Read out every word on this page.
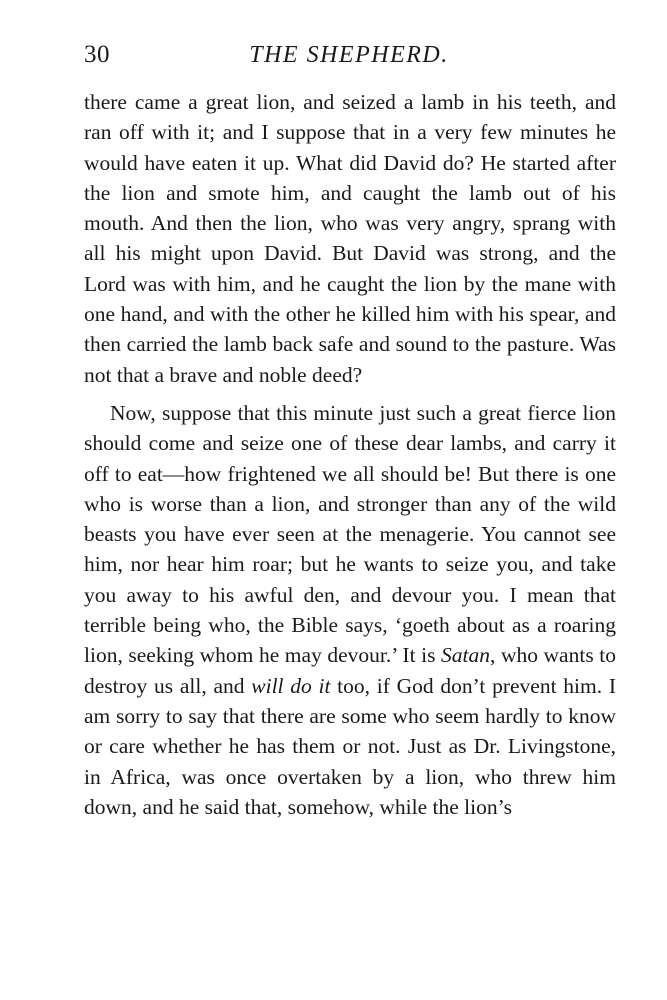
30	THE SHEPHERD.

there came a great lion, and seized a lamb in his teeth, and ran off with it; and I suppose that in a very few minutes he would have eaten it up. What did David do? He started after the lion and smote him, and caught the lamb out of his mouth. And then the lion, who was very angry, sprang with all his might upon David. But David was strong, and the Lord was with him, and he caught the lion by the mane with one hand, and with the other he killed him with his spear, and then carried the lamb back safe and sound to the pasture. Was not that a brave and noble deed?

Now, suppose that this minute just such a great fierce lion should come and seize one of these dear lambs, and carry it off to eat—how frightened we all should be! But there is one who is worse than a lion, and stronger than any of the wild beasts you have ever seen at the menagerie. You cannot see him, nor hear him roar; but he wants to seize you, and take you away to his awful den, and devour you. I mean that terrible being who, the Bible says, ‘goeth about as a roaring lion, seeking whom he may devour.’ It is Satan, who wants to destroy us all, and will do it too, if God don’t prevent him. I am sorry to say that there are some who seem hardly to know or care whether he has them or not. Just as Dr. Livingstone, in Africa, was once overtaken by a lion, who threw him down, and he said that, somehow, while the lion’s
